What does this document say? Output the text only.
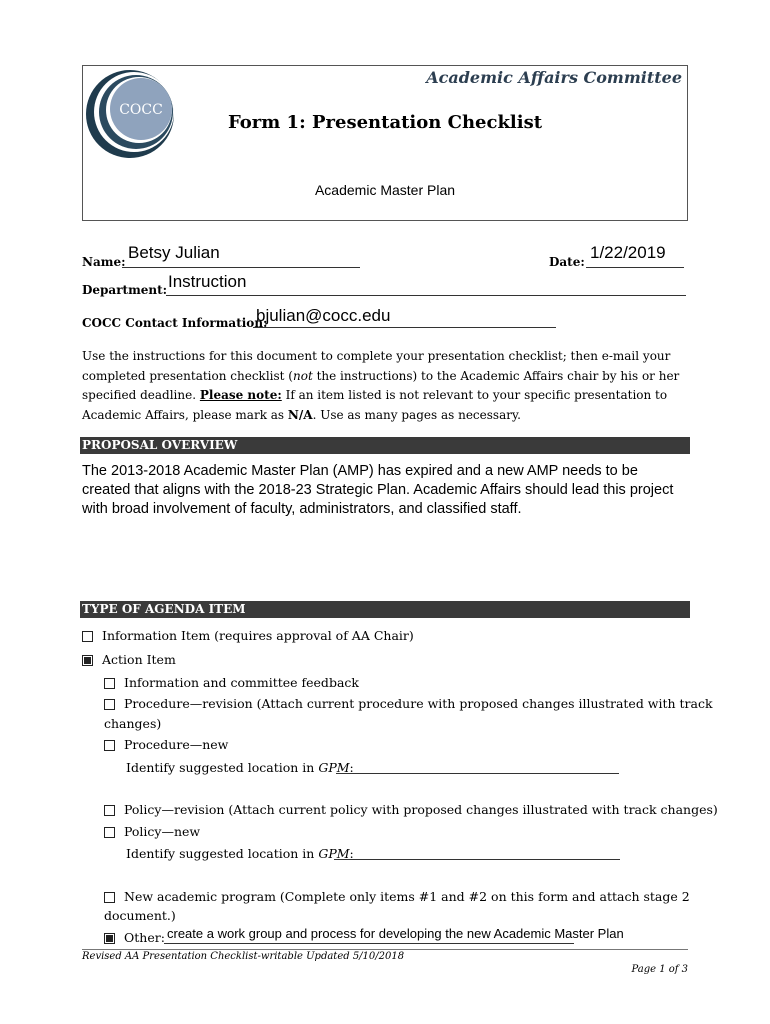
COCC
Academic Affairs Committee
Form 1: Presentation Checklist
Academic Master Plan
Name: Betsy Julian	Date: 1/22/2019
Department: Instruction
COCC Contact Information:
bjulian@cocc.edu
Use the instructions for this document to complete your presentation checklist; then e-mail your completed presentation checklist (not the instructions) to the Academic Affairs chair by his or her specified deadline. Please note: If an item listed is not relevant to your specific presentation to Academic Affairs, please mark as N/A. Use as many pages as necessary.
PROPOSAL OVERVIEW
The 2013-2018 Academic Master Plan (AMP) has expired and a new AMP needs to be created that aligns with the 2018-23 Strategic Plan. Academic Affairs should lead this project with broad involvement of faculty, administrators, and classified staff.
TYPE OF AGENDA ITEM
Information Item (requires approval of AA Chair)
Action Item
Information and committee feedback
Procedure—revision (Attach current procedure with proposed changes illustrated with track
changes)
Procedure—new
Identify suggested location in GPM:
Policy—revision (Attach current policy with proposed changes illustrated with track changes)
Policy—new
Identify suggested location in GPM:
New academic program (Complete only items #1 and #2 on this form and attach stage 2
document.)
Other: create a work group and process for developing the new Academic Master Plan
Revised AA Presentation Checklist-writable Updated 5/10/2018
Page 1 of 3
